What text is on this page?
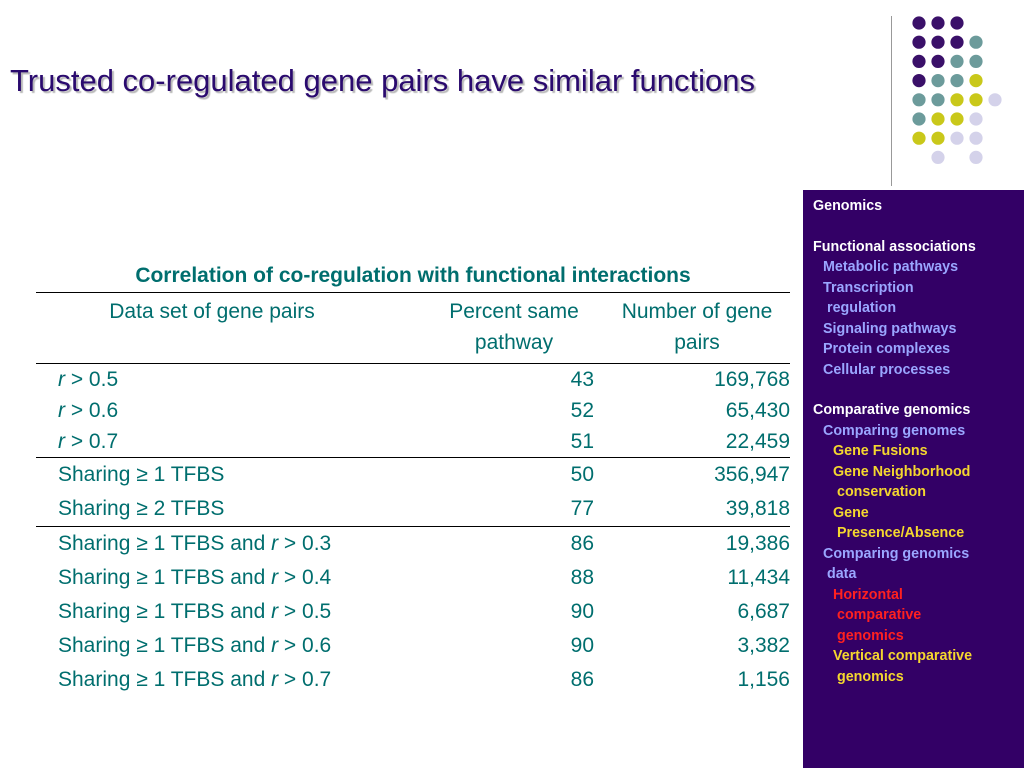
Trusted co-regulated gene pairs have similar functions
Correlation of co-regulation with functional interactions
Data set of gene pairs	Percent same pathway	Number of gene pairs
r > 0.5	43	169,768
r > 0.6	52	65,430
r > 0.7	51	22,459
Sharing ≥ 1 TFBS	50	356,947
Sharing ≥ 2 TFBS	77	39,818
Sharing ≥ 1 TFBS and r > 0.3	86	19,386
Sharing ≥ 1 TFBS and r > 0.4	88	11,434
Sharing ≥ 1 TFBS and r > 0.5	90	6,687
Sharing ≥ 1 TFBS and r > 0.6	90	3,382
Sharing ≥ 1 TFBS and r > 0.7	86	1,156
Genomics
Functional associations
Metabolic pathways
Transcription
regulation
Signaling pathways
Protein complexes
Cellular processes
Comparative genomics
Comparing genomes
Gene Fusions
Gene Neighborhood
conservation
Gene
Presence/Absence
Comparing genomics
data
Horizontal
comparative
genomics
Vertical comparative
genomics
